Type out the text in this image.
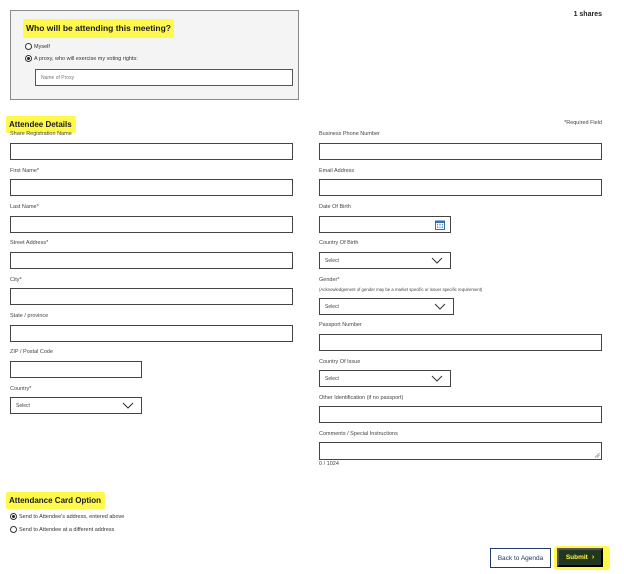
1 shares
Who will be attending this meeting?
Myself
A proxy, who will exercise my voting rights:
Name of Proxy
Attendee Details	*Required Field
Share Registration Name
First Name*
Last Name*
Street Address*
City*
State / province
ZIP / Postal Code
Country*
Select
Business Phone Number
Email Address
Date Of Birth
Country Of Birth
Select
Gender*
(Acknowledgement of gender may be a market specific or issuer specific requirement)
Select
Passport Number
Country Of Issue
Select
Other Identification (if no passport)
Comments / Special Instructions
0 / 1024
Attendance Card Option
Send to Attendee's address, entered above
Send to Attendee at a different address
Back to Agenda	Submit ›
